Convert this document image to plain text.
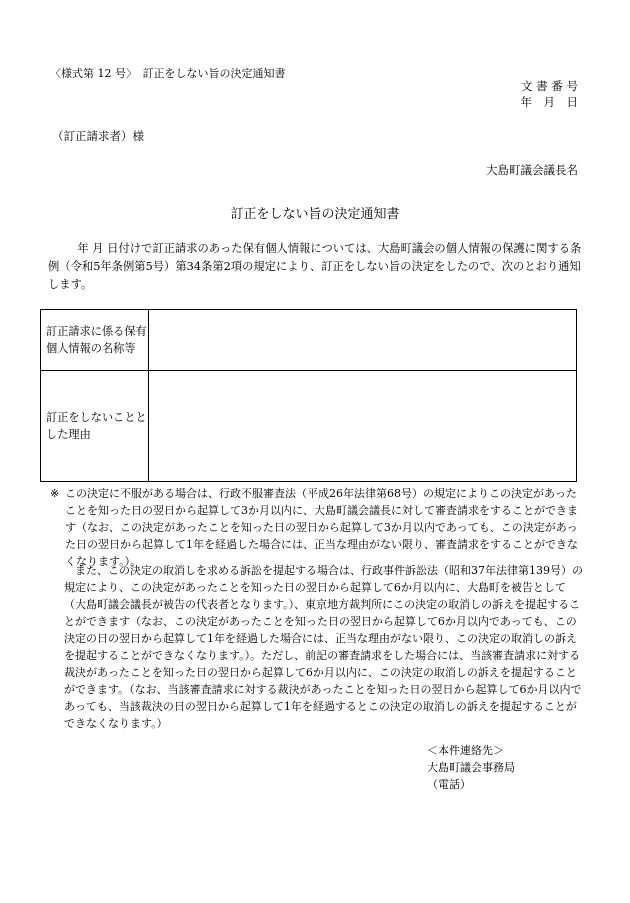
〈様式第 12 号〉　訂正をしない旨の決定通知書
文 書 番 号
年　月　日
（訂正請求者）様
大島町議会議長名
訂正をしない旨の決定通知書
年 月 日付けで訂正請求のあった保有個人情報については、大島町議会の個人情報の保護に関する条例（令和5年条例第5号）第34条第2項の規定により、訂正をしない旨の決定をしたので、次のとおり通知します。
訂正請求に係る保有個人情報の名称等	
訂正をしないこととした理由	
※ この決定に不服がある場合は、行政不服審査法（平成26年法律第68号）の規定によりこの決定があったことを知った日の翌日から起算して3か月以内に、大島町議会議長に対して審査請求をすることができます（なお、この決定があったことを知った日の翌日から起算して3か月以内であっても、この決定があった日の翌日から起算して1年を経過した場合には、正当な理由がない限り、審査請求をすることができなくなります。）。
また、この決定の取消しを求める訴訟を提起する場合は、行政事件訴訟法（昭和37年法律第139号）の規定により、この決定があったことを知った日の翌日から起算して6か月以内に、大島町を被告として（大島町議会議長が被告の代表者となります。）、東京地方裁判所にこの決定の取消しの訴えを提起することができます（なお、この決定があったことを知った日の翌日から起算して6か月以内であっても、この決定の日の翌日から起算して1年を経過した場合には、正当な理由がない限り、この決定の取消しの訴えを提起することができなくなります。）。ただし、前記の審査請求をした場合には、当該審査請求に対する裁決があったことを知った日の翌日から起算して6か月以内に、この決定の取消しの訴えを提起することができます。（なお、当該審査請求に対する裁決があったことを知った日の翌日から起算して6か月以内であっても、当該裁決の日の翌日から起算して1年を経過するとこの決定の取消しの訴えを提起することができなくなります。）
＜本件連絡先＞
大島町議会事務局
（電話）
